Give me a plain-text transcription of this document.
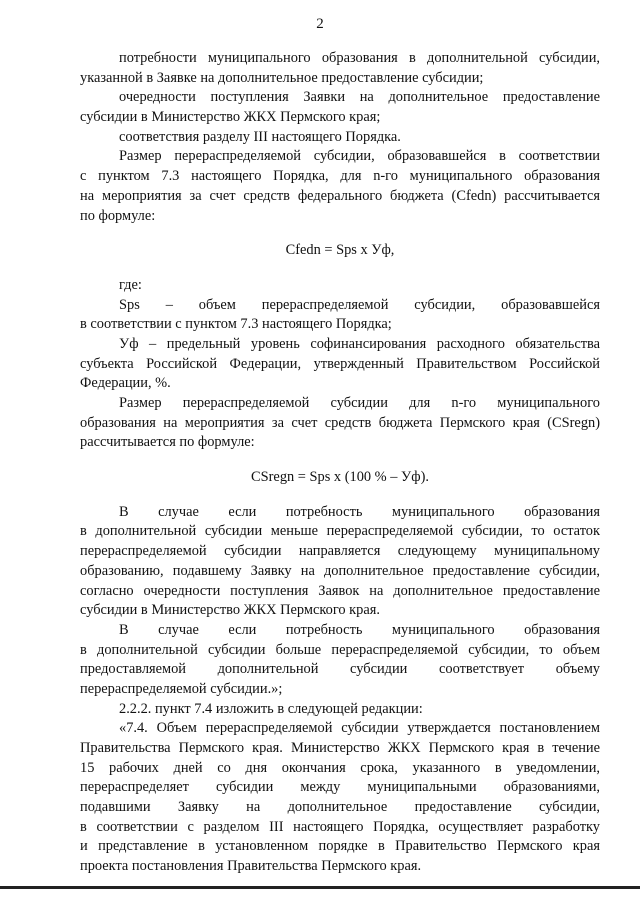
2
потребности муниципального образования в дополнительной субсидии,
указанной в Заявке на дополнительное предоставление субсидии;
очередности поступления Заявки на дополнительное предоставление
субсидии в Министерство ЖКХ Пермского края;
соответствия разделу III настоящего Порядка.
Размер перераспределяемой субсидии, образовавшейся в соответствии
с пунктом 7.3 настоящего Порядка, для n-го муниципального образования
на мероприятия за счет средств федерального бюджета (Cfedn) рассчитывается
по формуле:
Cfedn = Sps x Уф,
где:
Sps – объем перераспределяемой субсидии, образовавшейся
в соответствии с пунктом 7.3 настоящего Порядка;
Уф – предельный уровень софинансирования расходного обязательства
субъекта Российской Федерации, утвержденный Правительством Российской
Федерации, %.
Размер перераспределяемой субсидии для n-го муниципального
образования на мероприятия за счет средств бюджета Пермского края (CSregn)
рассчитывается по формуле:
CSregn = Sps x (100 % – Уф).
В случае если потребность муниципального образования
в дополнительной субсидии меньше перераспределяемой субсидии, то остаток
перераспределяемой субсидии направляется следующему муниципальному
образованию, подавшему Заявку на дополнительное предоставление субсидии,
согласно очередности поступления Заявок на дополнительное предоставление
субсидии в Министерство ЖКХ Пермского края.
В случае если потребность муниципального образования
в дополнительной субсидии больше перераспределяемой субсидии, то объем
предоставляемой дополнительной субсидии соответствует объему
перераспределяемой субсидии.»;
2.2.2. пункт 7.4 изложить в следующей редакции:
«7.4. Объем перераспределяемой субсидии утверждается постановлением
Правительства Пермского края. Министерство ЖКХ Пермского края в течение
15 рабочих дней со дня окончания срока, указанного в уведомлении,
перераспределяет субсидии между муниципальными образованиями,
подавшими Заявку на дополнительное предоставление субсидии,
в соответствии с разделом III настоящего Порядка, осуществляет разработку
и представление в установленном порядке в Правительство Пермского края
проекта постановления Правительства Пермского края.
